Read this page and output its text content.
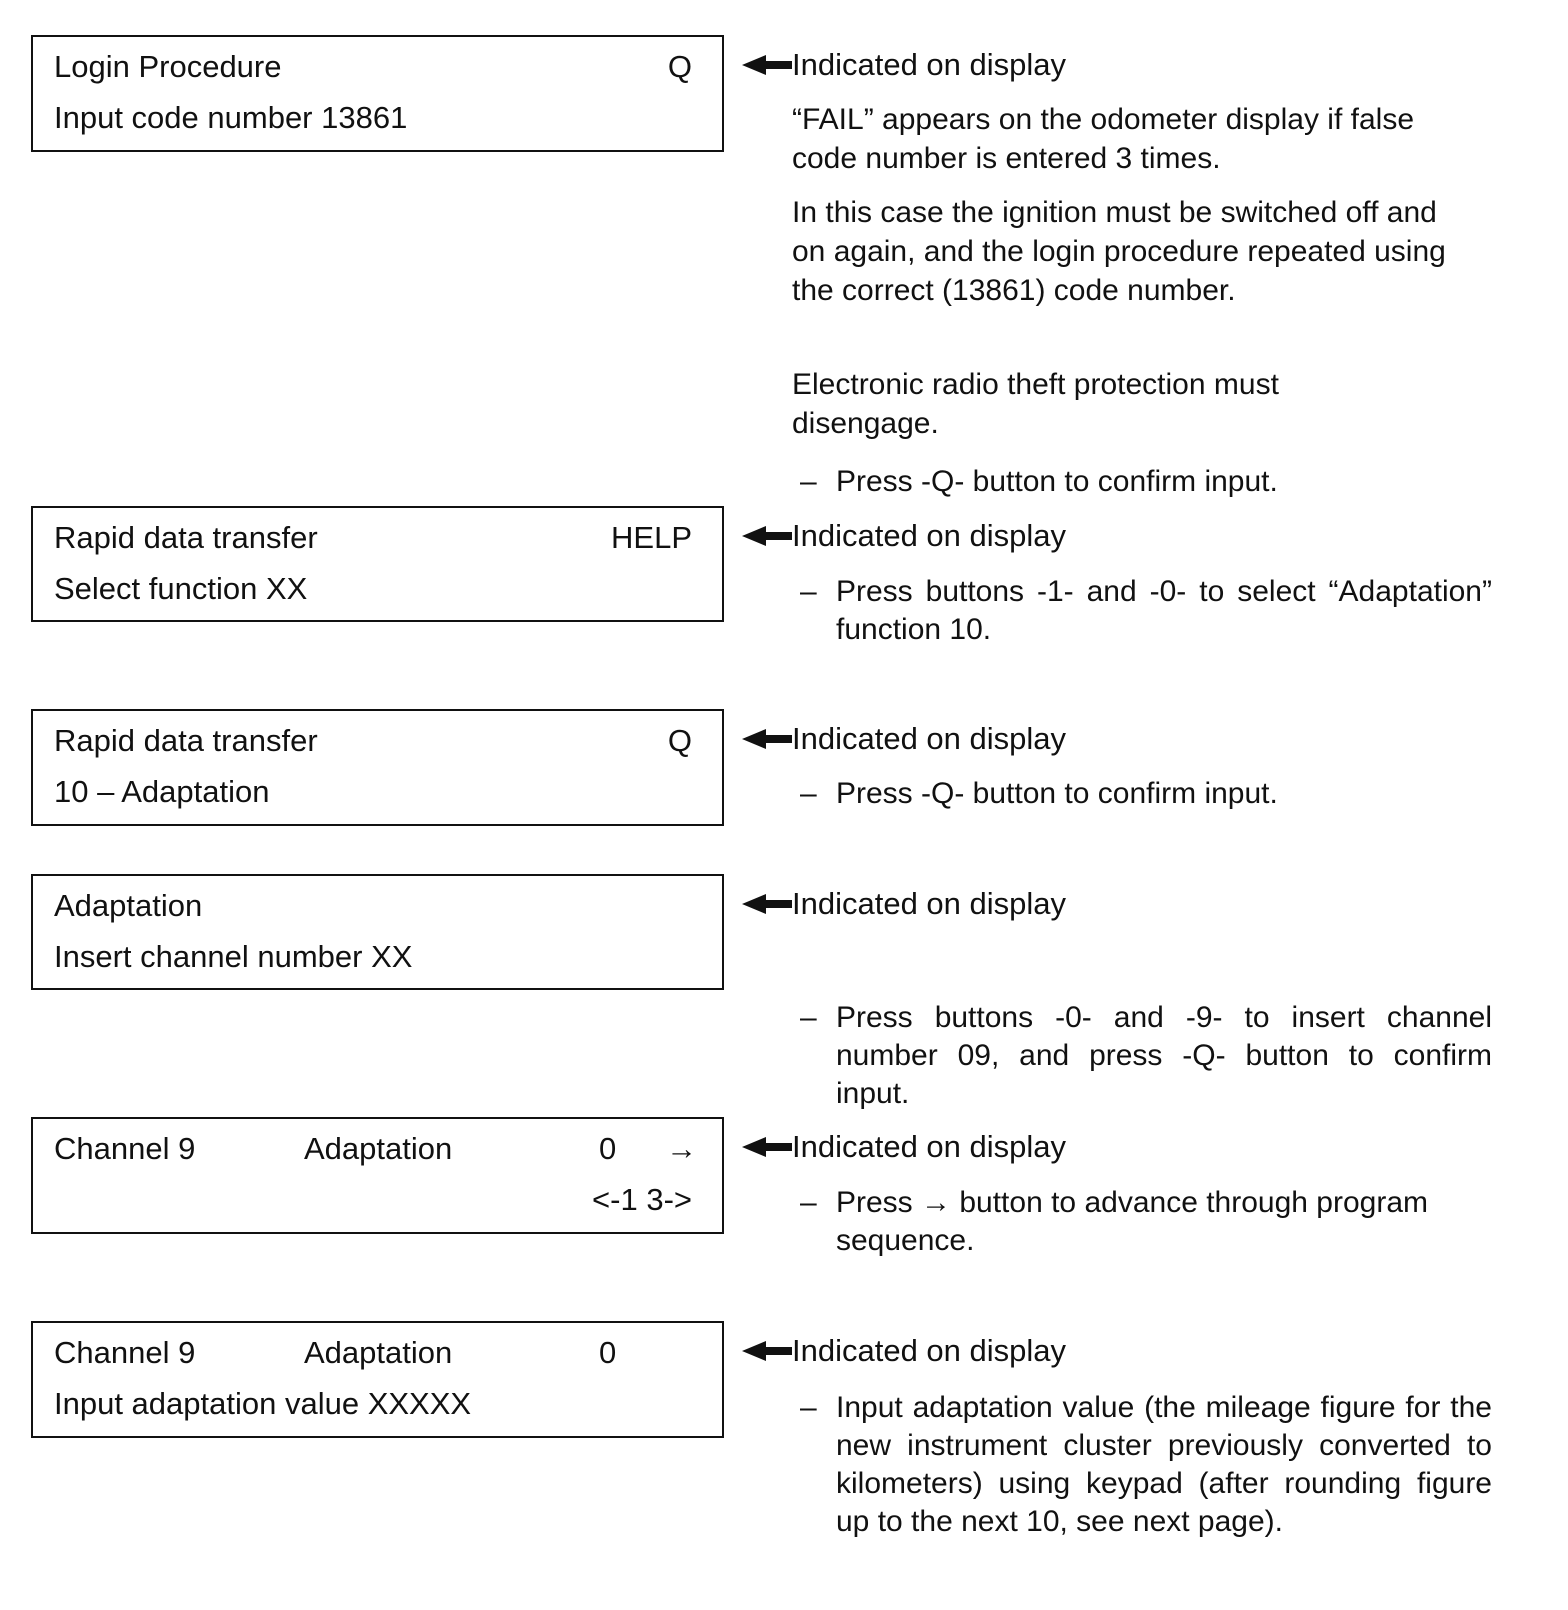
Login Procedure	Q
Input code number 13861
Rapid data transfer	HELP
Select function XX
Rapid data transfer	Q
10 – Adaptation
Adaptation
Insert channel number XX
Channel 9	Adaptation	0 →
<-1 3->
Channel 9	Adaptation	0
Input adaptation value XXXXX
Indicated on display
Indicated on display
Indicated on display
Indicated on display
Indicated on display
Indicated on display
“FAIL” appears on the odometer display if false code number is entered 3 times.
In this case the ignition must be switched off and on again, and the login procedure repeated using the correct (13861) code number.
Electronic radio theft protection must disengage.
– Press -Q- button to confirm input.
– Press buttons -1- and -0- to select “Adaptation” function 10.
– Press -Q- button to confirm input.
– Press buttons -0- and -9- to insert channel number 09, and press -Q- button to confirm input.
– Press → button to advance through program sequence.
– Input adaptation value (the mileage figure for the new instrument cluster previously converted to kilometers) using keypad (after rounding figure up to the next 10, see next page).
